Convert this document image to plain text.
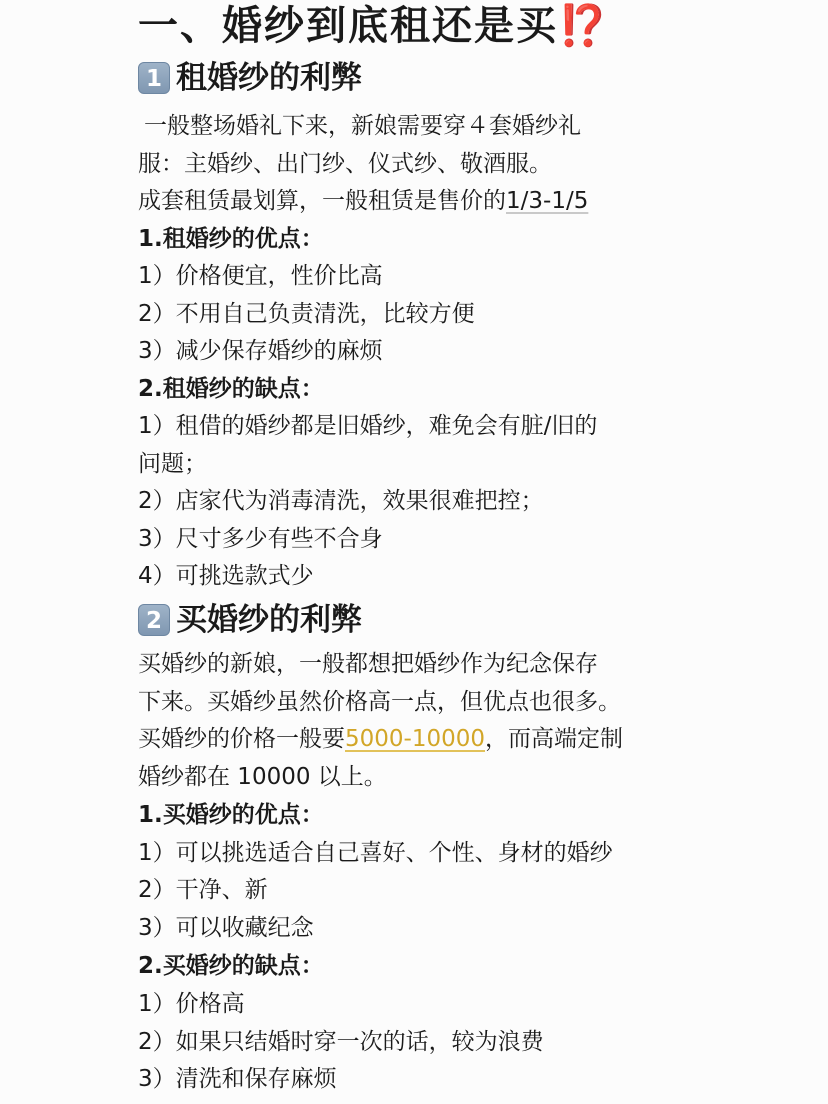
一、婚纱到底租还是买⁉️
1 租婚纱的利弊
一般整场婚礼下来，新娘需要穿４套婚纱礼
服：主婚纱、出门纱、仪式纱、敬酒服。
成套租赁最划算，一般租赁是售价的1/3-1/5
1.租婚纱的优点：
1）价格便宜，性价比高
2）不用自己负责清洗，比较方便
3）减少保存婚纱的麻烦
2.租婚纱的缺点：
1）租借的婚纱都是旧婚纱，难免会有脏/旧的
问题；
2）店家代为消毒清洗，效果很难把控；
3）尺寸多少有些不合身
4）可挑选款式少
2 买婚纱的利弊
买婚纱的新娘，一般都想把婚纱作为纪念保存
下来。买婚纱虽然价格高一点，但优点也很多。
买婚纱的价格一般要5000-10000，而高端定制
婚纱都在 10000 以上。
1.买婚纱的优点：
1）可以挑选适合自己喜好、个性、身材的婚纱
2）干净、新
3）可以收藏纪念
2.买婚纱的缺点：
1）价格高
2）如果只结婚时穿一次的话，较为浪费
3）清洗和保存麻烦
